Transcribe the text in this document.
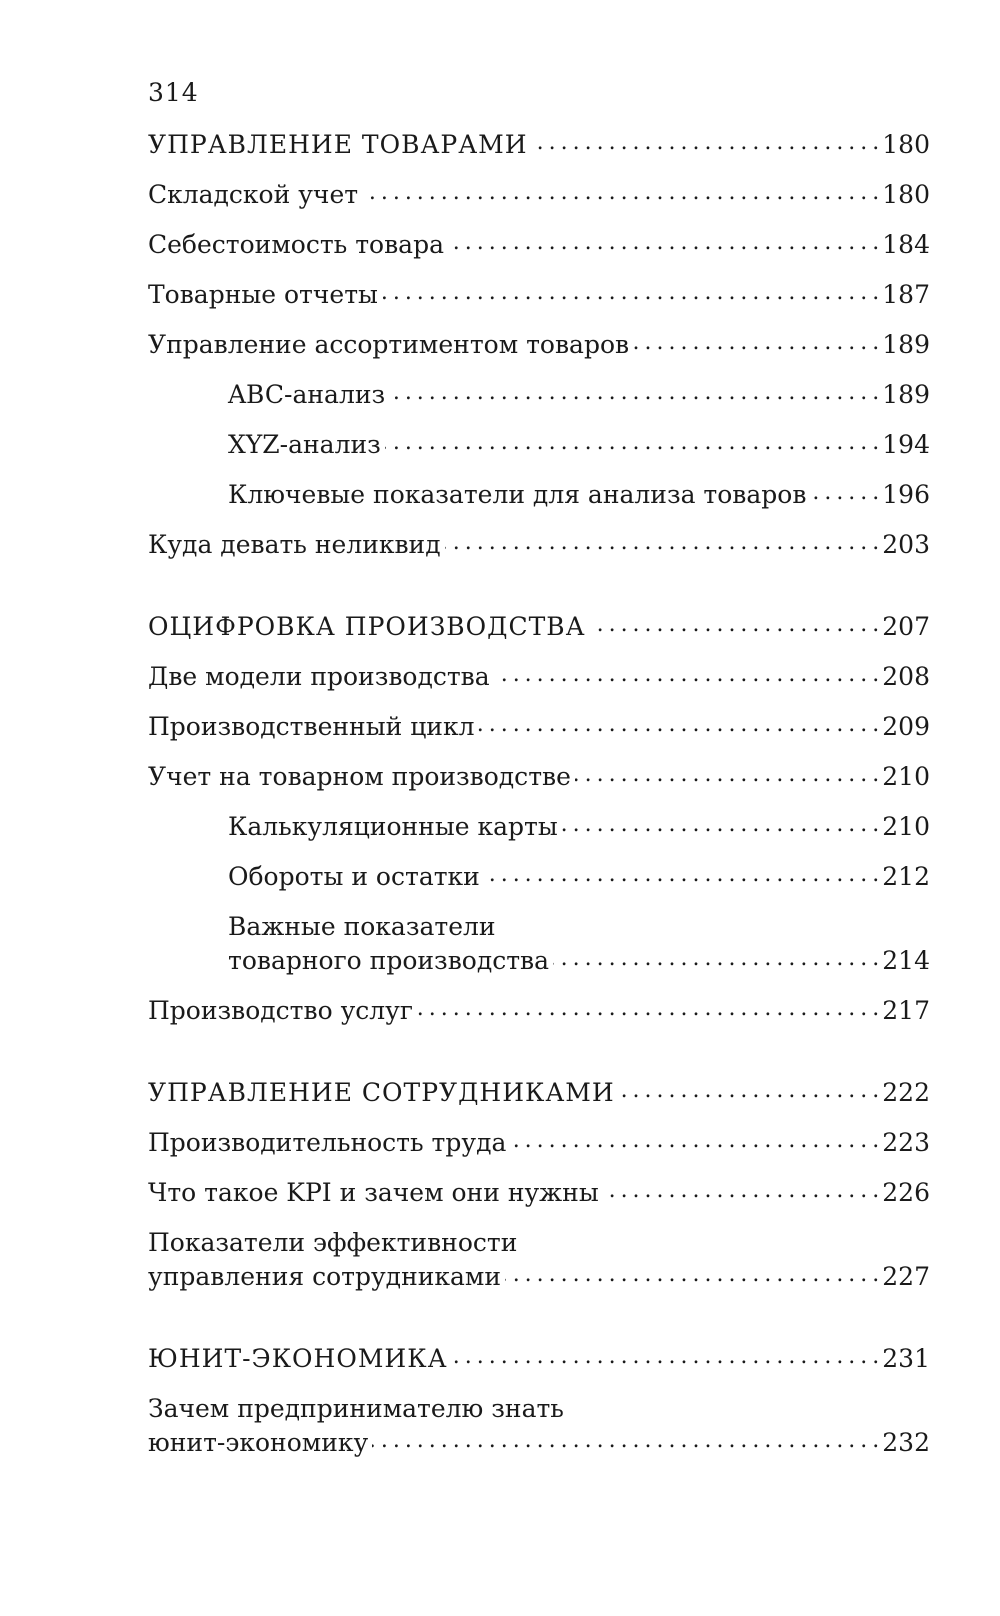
314
УПРАВЛЕНИЕ ТОВАРАМИ . . .	180
Складской учет . . .	180
Себестоимость товара . . .	184
Товарные отчеты . . .	187
Управление ассортиментом товаров . . .	189
ABC-анализ . . .	189
XYZ-анализ . . .	194
Ключевые показатели для анализа товаров . . .	196
Куда девать неликвид . . .	203
ОЦИФРОВКА ПРОИЗВОДСТВА . . .	207
Две модели производства . . .	208
Производственный цикл . . .	209
Учет на товарном производстве . . .	210
Калькуляционные карты . . .	210
Обороты и остатки . . .	212
Важные показатели
товарного производства . . .	214
Производство услуг . . .	217
УПРАВЛЕНИЕ СОТРУДНИКАМИ . . .	222
Производительность труда . . .	223
Что такое KPI и зачем они нужны . . .	226
Показатели эффективности
управления сотрудниками . . .	227
ЮНИТ-ЭКОНОМИКА . . .	231
Зачем предпринимателю знать
юнит-экономику . . .	232
